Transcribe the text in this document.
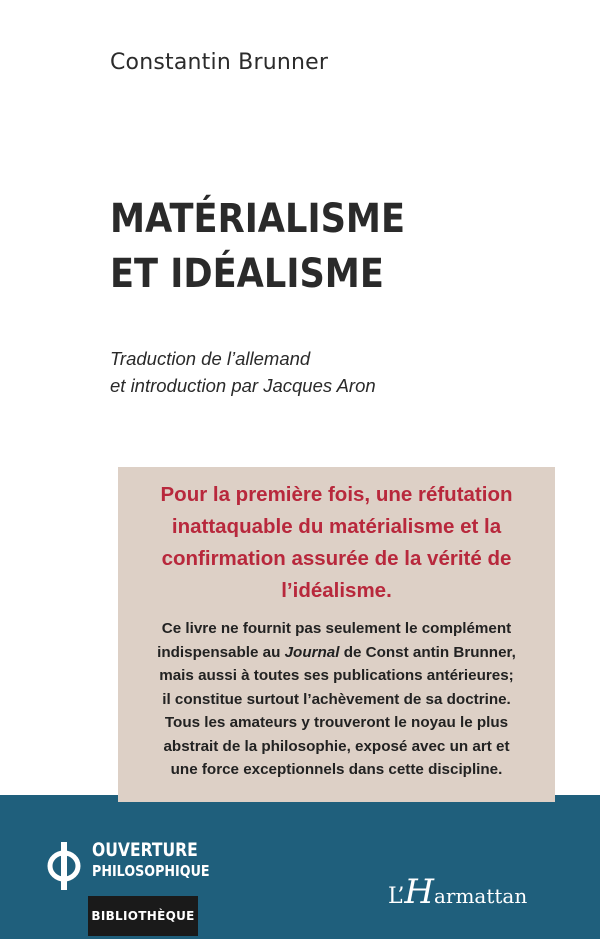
Constantin Brunner
MATÉRIALISME
ET IDÉALISME
Traduction de l’allemand
et introduction par Jacques Aron
Pour la première fois, une réfutation
inattaquable du matérialisme et la
confirmation assurée de la vérité de
l’idéalisme.
Ce livre ne fournit pas seulement le complément
indispensable au Journal de Const antin Brunner,
mais aussi à toutes ses publications antérieures;
il constitue surtout l’achèvement de sa doctrine.
Tous les amateurs y trouveront le noyau le plus
abstrait de la philosophie, exposé avec un art et
une force exceptionnels dans cette discipline.
OUVERTURE
PHILOSOPHIQUE
BIBLIOTHÈQUE
L’Harmattan
